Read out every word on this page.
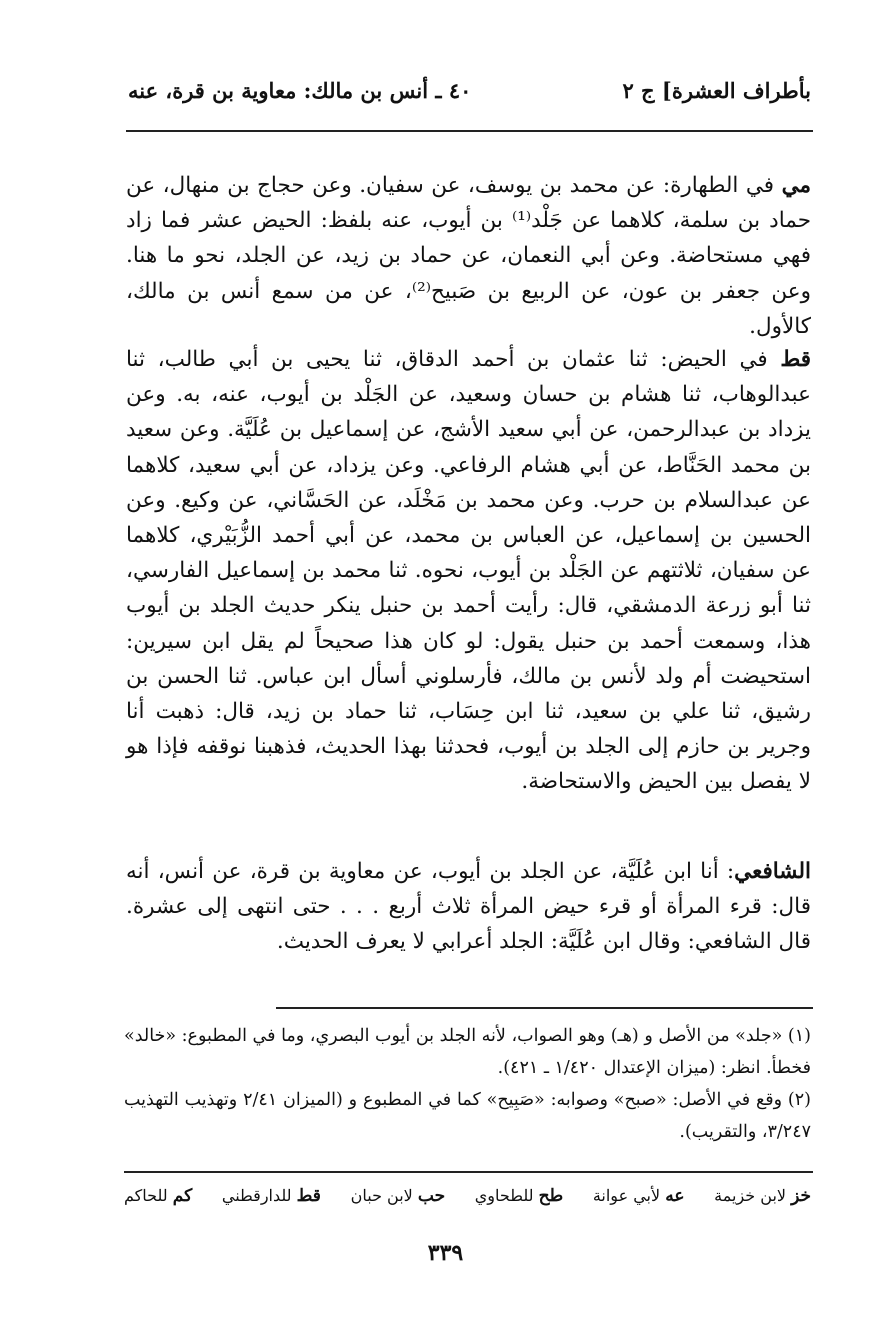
بأطراف العشرة] ج ٢
٤٠ ـ أنس بن مالك: معاوية بن قرة، عنه

مي في الطهارة: عن محمد بن يوسف، عن سفيان. وعن حجاج بن منهال، عن حماد بن سلمة، كلاهما عن جَلْد⁽¹⁾ بن أيوب، عنه بلفظ: الحيض عشر فما زاد فهي مستحاضة. وعن أبي النعمان، عن حماد بن زيد، عن الجلد، نحو ما هنا. وعن جعفر بن عون، عن الربيع بن صَبيح⁽²⁾، عن من سمع أنس بن مالك، كالأول.

قط في الحيض: ثنا عثمان بن أحمد الدقاق، ثنا يحيى بن أبي طالب، ثنا عبدالوهاب، ثنا هشام بن حسان وسعيد، عن الجَلْد بن أيوب، عنه، به. وعن يزداد بن عبدالرحمن، عن أبي سعيد الأشج، عن إسماعيل بن عُلَيَّة. وعن سعيد بن محمد الحَنَّاط، عن أبي هشام الرفاعي. وعن يزداد، عن أبي سعيد، كلاهما عن عبدالسلام بن حرب. وعن محمد بن مَخْلَد، عن الحَسَّاني، عن وكيع. وعن الحسين بن إسماعيل، عن العباس بن محمد، عن أبي أحمد الزُّبَيْري، كلاهما عن سفيان، ثلاثتهم عن الجَلْد بن أيوب، نحوه. ثنا محمد بن إسماعيل الفارسي، ثنا أبو زرعة الدمشقي، قال: رأيت أحمد بن حنبل ينكر حديث الجلد بن أيوب هذا، وسمعت أحمد بن حنبل يقول: لو كان هذا صحيحاً لم يقل ابن سيرين: استحيضت أم ولد لأنس بن مالك، فأرسلوني أسأل ابن عباس. ثنا الحسن بن رشيق، ثنا علي بن سعيد، ثنا ابن حِسَاب، ثنا حماد بن زيد، قال: ذهبت أنا وجرير بن حازم إلى الجلد بن أيوب، فحدثنا بهذا الحديث، فذهبنا نوقفه فإذا هو لا يفصل بين الحيض والاستحاضة.

الشافعي: أنا ابن عُلَيَّة، عن الجلد بن أيوب، عن معاوية بن قرة، عن أنس، أنه قال: قرء المرأة أو قرء حيض المرأة ثلاث أربع . . . حتى انتهى إلى عشرة. قال الشافعي: وقال ابن عُلَيَّة: الجلد أعرابي لا يعرف الحديث.

(١) «جلد» من الأصل و (هـ) وهو الصواب، لأنه الجلد بن أيوب البصري، وما في المطبوع: «خالد» فخطأ. انظر: (ميزان الإعتدال ١/٤٢٠ ـ ٤٢١).

(٢) وقع في الأصل: «صبح» وصوابه: «صَبِيح» كما في المطبوع و (الميزان ٢/٤١ وتهذيب التهذيب ٣/٢٤٧، والتقريب).

خز لابن خزيمة
عه لأبي عوانة
طح للطحاوي
حب لابن حبان
قط للدارقطني
كم للحاكم
٣٣٩
